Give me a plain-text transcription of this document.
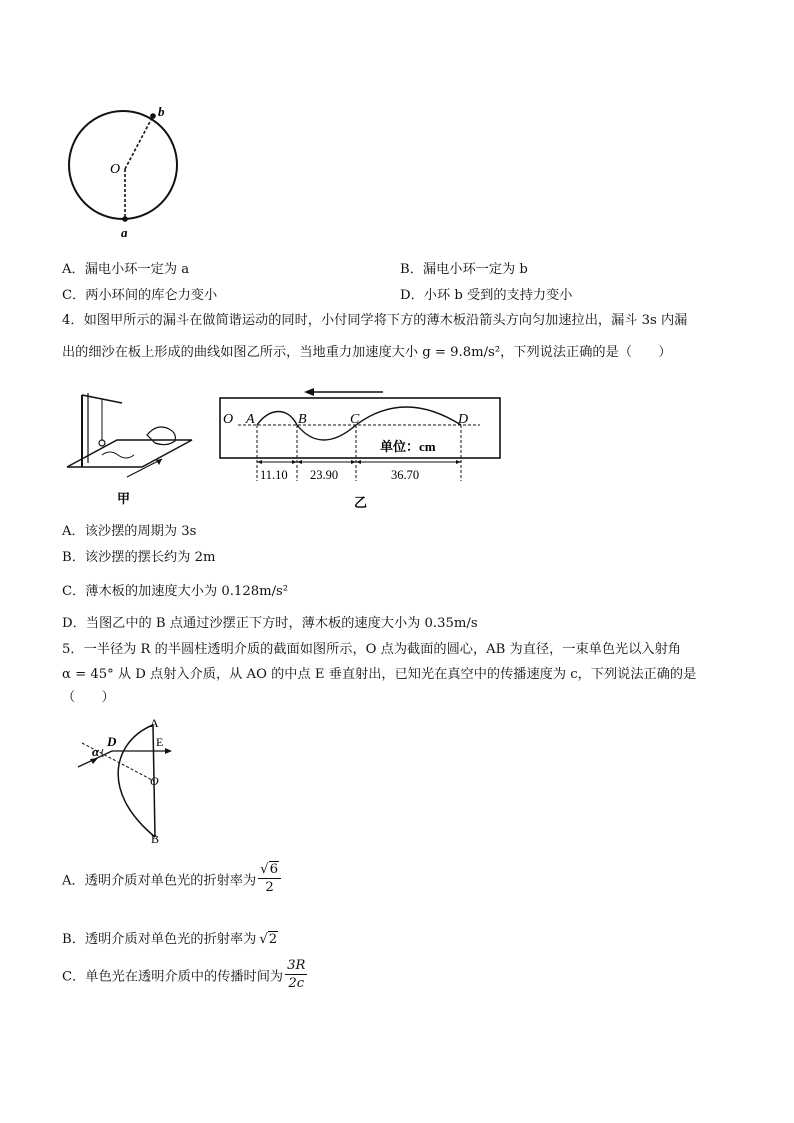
b
O
a
A．漏电小环一定为 a	B．漏电小环一定为 b
C．两小环间的库仑力变小	D．小环 b 受到的支持力变小
4．如图甲所示的漏斗在做简谐运动的同时，小付同学将下方的薄木板沿箭头方向匀加速拉出，漏斗 3s 内漏
出的细沙在板上形成的曲线如图乙所示，当地重力加速度大小 g = 9.8m/s²，下列说法正确的是（　　）
甲
O A	B	C	D
单位：cm
11.10 23.90	36.70
乙
A．该沙摆的周期为 3s
B．该沙摆的摆长约为 2m
C．薄木板的加速度大小为 0.128m/s²
D．当图乙中的 B 点通过沙摆正下方时，薄木板的速度大小为 0.35m/s
5．一半径为 R 的半圆柱透明介质的截面如图所示，O 点为截面的圆心，AB 为直径，一束单色光以入射角
α = 45° 从 D 点射入介质，从 AO 的中点 E 垂直射出，已知光在真空中的传播速度为 c，下列说法正确的是
（　　）
A
D	E
α
O
B
A．透明介质对单色光的折射率为 $\frac{√6}{2}$
B．透明介质对单色光的折射率为 √2
C．单色光在透明介质中的传播时间为 $\frac{3R}{2c}$
